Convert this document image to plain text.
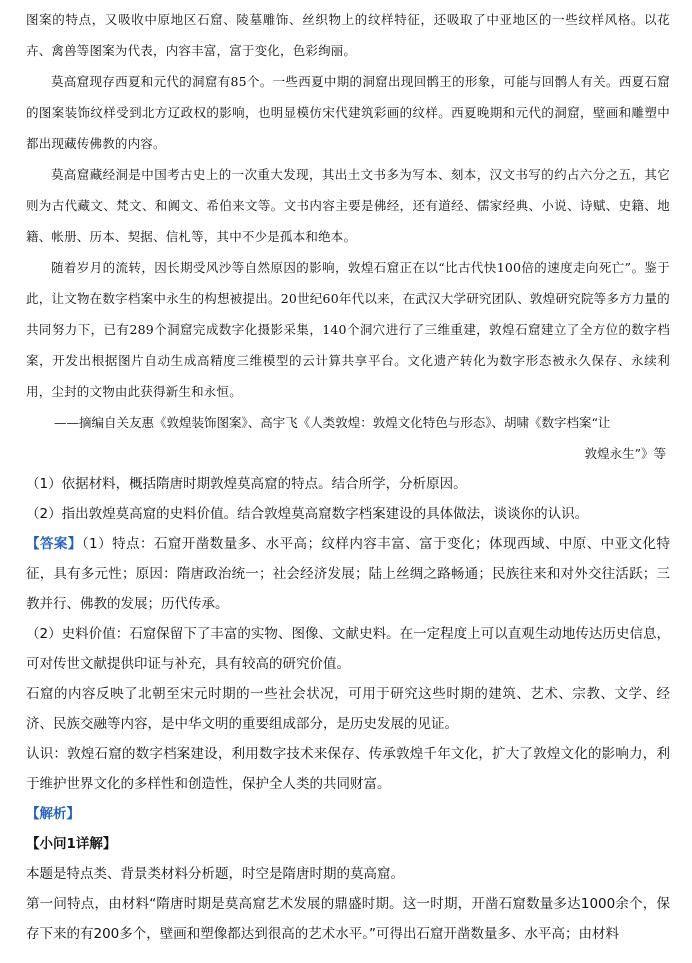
图案的特点，又吸收中原地区石窟、陵墓雕饰、丝织物上的纹样特征，还吸取了中亚地区的一些纹样风格。以花卉、禽兽等图案为代表，内容丰富，富于变化，色彩绚丽。

莫高窟现存西夏和元代的洞窟有85个。一些西夏中期的洞窟出现回鹘王的形象，可能与回鹘人有关。西夏石窟的图案装饰纹样受到北方辽政权的影响，也明显模仿宋代建筑彩画的纹样。西夏晚期和元代的洞窟，壁画和雕塑中都出现藏传佛教的内容。

莫高窟藏经洞是中国考古史上的一次重大发现，其出土文书多为写本、刻本，汉文书写的约占六分之五，其它则为古代藏文、梵文、和阗文、希伯来文等。文书内容主要是佛经，还有道经、儒家经典、小说、诗赋、史籍、地籍、帐册、历本、契据、信札等，其中不少是孤本和绝本。

随着岁月的流转，因长期受风沙等自然原因的影响，敦煌石窟正在以“比古代快100倍的速度走向死亡”。鉴于此，让文物在数字档案中永生的构想被提出。20世纪60年代以来，在武汉大学研究团队、敦煌研究院等多方力量的共同努力下，已有289个洞窟完成数字化摄影采集，140个洞穴进行了三维重建，敦煌石窟建立了全方位的数字档案，开发出根据图片自动生成高精度三维模型的云计算共享平台。文化遗产转化为数字形态被永久保存、永续利用，尘封的文物由此获得新生和永恒。

——摘编自关友惠《敦煌装饰图案》、高宇飞《人类敦煌：敦煌文化特色与形态》、胡啸《数字档案“让

敦煌永生”》等

（1）依据材料，概括隋唐时期敦煌莫高窟的特点。结合所学，分析原因。

（2）指出敦煌莫高窟的史料价值。结合敦煌莫高窟数字档案建设的具体做法，谈谈你的认识。

【答案】（1）特点：石窟开凿数量多、水平高；纹样内容丰富、富于变化；体现西域、中原、中亚文化特征，具有多元性；原因：隋唐政治统一；社会经济发展；陆上丝绸之路畅通；民族往来和对外交往活跃；三教并行、佛教的发展；历代传承。

（2）史料价值：石窟保留下了丰富的实物、图像、文献史料。在一定程度上可以直观生动地传达历史信息，可对传世文献提供印证与补充，具有较高的研究价值。

石窟的内容反映了北朝至宋元时期的一些社会状况，可用于研究这些时期的建筑、艺术、宗教、文学、经济、民族交融等内容，是中华文明的重要组成部分，是历史发展的见证。

认识：敦煌石窟的数字档案建设，利用数字技术来保存、传承敦煌千年文化，扩大了敦煌文化的影响力，利于维护世界文化的多样性和创造性，保护全人类的共同财富。

【解析】

【小问1详解】

本题是特点类、背景类材料分析题，时空是隋唐时期的莫高窟。

第一问特点，由材料“隋唐时期是莫高窟艺术发展的鼎盛时期。这一时期，开凿石窟数量多达1000余个，保存下来的有200多个，壁画和塑像都达到很高的艺术水平。”可得出石窟开凿数量多、水平高；由材料
